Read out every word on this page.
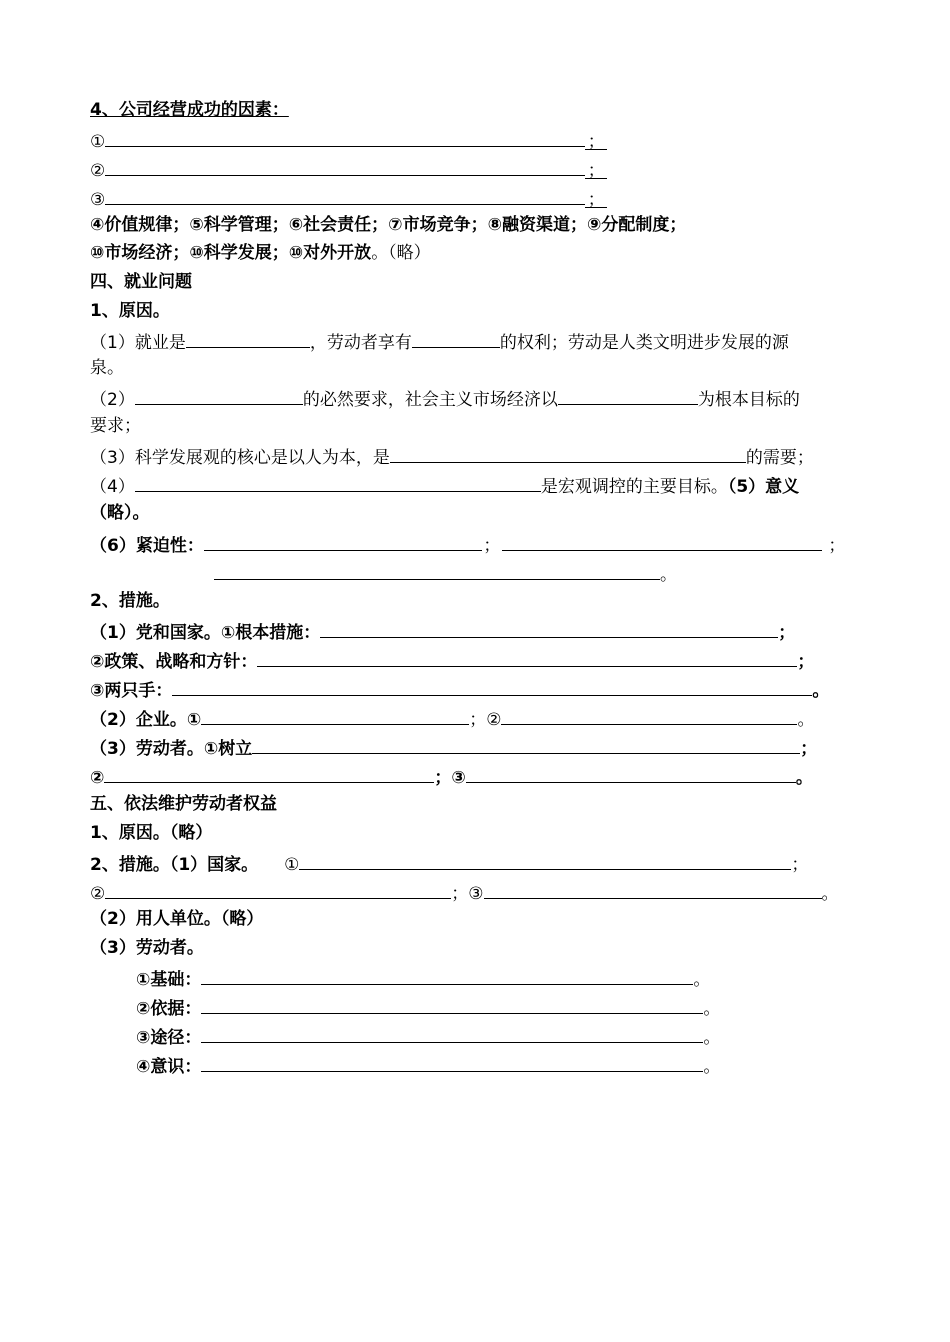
4、公司经营成功的因素：
①	；
②	；
③	；
④价值规律；⑤科学管理；⑥社会责任；⑦市场竞争；⑧融资渠道；⑨分配制度；
⑩市场经济；⑩科学发展；⑩对外开放。（略）
四、就业问题
1、原因。
（1）就业是	，劳动者享有	的权利；劳动是人类文明进步发展的源
泉。
（2）	的必然要求，社会主义市场经济以	为根本目标的
要求；
（3）科学发展观的核心是以人为本，是	的需要；
（4）	是宏观调控的主要目标。（5）意义
（略）。
（6）紧迫性：	；	；
。
2、措施。
（1）党和国家。①根本措施：	；
②政策、战略和方针：	；
③两只手：	。
（2）企业。①	；②	。
（3）劳动者。①树立	；
②	；③	。
五、依法维护劳动者权益
1、原因。（略）
2、措施。（1）国家。 ①	；
②	；③	。
（2）用人单位。（略）
（3）劳动者。
①基础：	。
②依据：	。
③途径：	。
④意识：	。
